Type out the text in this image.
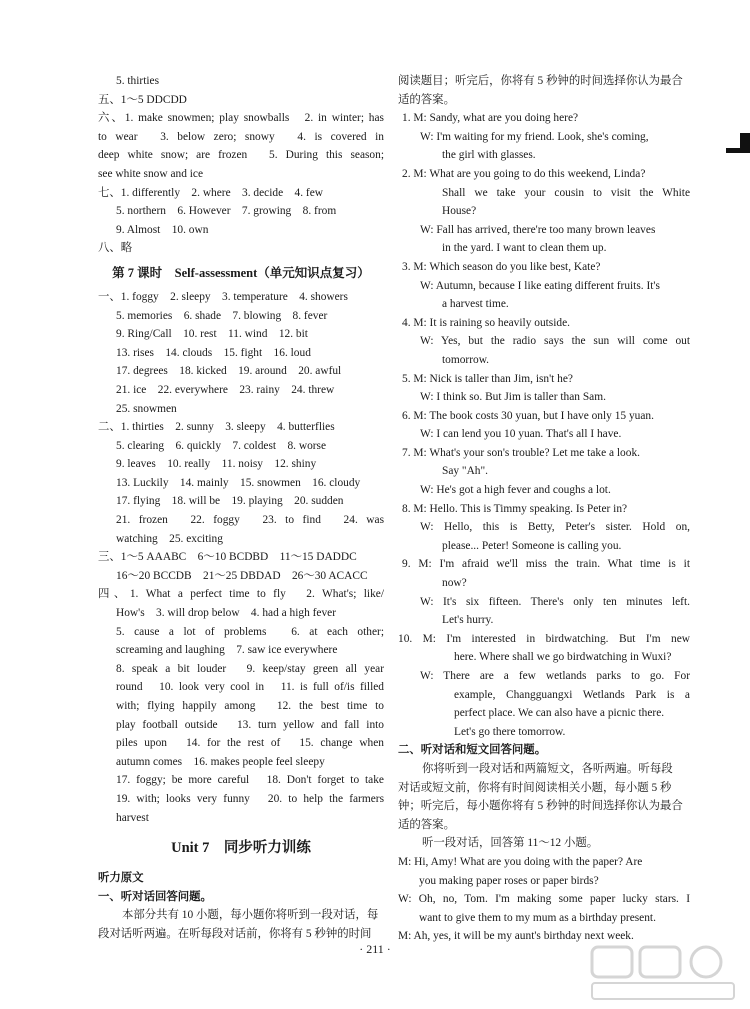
5. thirties
五、1～5 DDCDD
六、1. make snowmen; play snowballs　2. in winter; has
to wear　3. below zero; snowy　4. is covered in
deep white snow; are frozen　5. During this season;
see white snow and ice
七、1. differently　2. where　3. decide　4. few
5. northern　6. However　7. growing　8. from
9. Almost　10. own
八、略
第 7 课时　Self-assessment（单元知识点复习）
一、1. foggy　2. sleepy　3. temperature　4. showers
5. memories　6. shade　7. blowing　8. fever
9. Ring/Call　10. rest　11. wind　12. bit
13. rises　14. clouds　15. fight　16. loud
17. degrees　18. kicked　19. around　20. awful
21. ice　22. everywhere　23. rainy　24. threw
25. snowmen
二、1. thirties　2. sunny　3. sleepy　4. butterflies
5. clearing　6. quickly　7. coldest　8. worse
9. leaves　10. really　11. noisy　12. shiny
13. Luckily　14. mainly　15. snowmen　16. cloudy
17. flying　18. will be　19. playing　20. sudden
21. frozen　22. foggy　23. to find　24. was
watching　25. exciting
三、1～5 AAABC　6～10 BCDBD　11～15 DADDC
16～20 BCCDB　21～25 DBDAD　26～30 ACACC
四、1. What a perfect time to fly　2. What's; like/
How's　3. will drop below　4. had a high fever
5. cause a lot of problems　6. at each other;
screaming and laughing　7. saw ice everywhere
8. speak a bit louder　9. keep/stay green all year
round　10. look very cool in　11. is full of/is filled
with; flying happily among　12. the best time to
play football outside　13. turn yellow and fall into
piles upon　14. for the rest of　15. change when
autumn comes　16. makes people feel sleepy
17. foggy; be more careful　18. Don't forget to take
19. with; looks very funny　20. to help the farmers
harvest
Unit 7　同步听力训练
听力原文
一、听对话回答问题。
本部分共有 10 小题，每小题你将听到一段对话，每
段对话听两遍。在听每段对话前，你将有 5 秒钟的时间
阅读题目；听完后，你将有 5 秒钟的时间选择你认为最合
适的答案。
1. M: Sandy, what are you doing here?
W: I'm waiting for my friend. Look, she's coming,
the girl with glasses.
2. M: What are you going to do this weekend, Linda?
Shall we take your cousin to visit the White
House?
W: Fall has arrived, there're too many brown leaves
in the yard. I want to clean them up.
3. M: Which season do you like best, Kate?
W: Autumn, because I like eating different fruits. It's
a harvest time.
4. M: It is raining so heavily outside.
W: Yes, but the radio says the sun will come out
tomorrow.
5. M: Nick is taller than Jim, isn't he?
W: I think so. But Jim is taller than Sam.
6. M: The book costs 30 yuan, but I have only 15 yuan.
W: I can lend you 10 yuan. That's all I have.
7. M: What's your son's trouble? Let me take a look.
Say "Ah".
W: He's got a high fever and coughs a lot.
8. M: Hello. This is Timmy speaking. Is Peter in?
W: Hello, this is Betty, Peter's sister. Hold on,
please... Peter! Someone is calling you.
9. M: I'm afraid we'll miss the train. What time is it
now?
W: It's six fifteen. There's only ten minutes left.
Let's hurry.
10. M: I'm interested in birdwatching. But I'm new
here. Where shall we go birdwatching in Wuxi?
W: There are a few wetlands parks to go. For
example, Changguangxi Wetlands Park is a
perfect place. We can also have a picnic there.
Let's go there tomorrow.
二、听对话和短文回答问题。
你将听到一段对话和两篇短文，各听两遍。听每段
对话或短文前，你将有时间阅读相关小题，每小题 5 秒
钟；听完后，每小题你将有 5 秒钟的时间选择你认为最合
适的答案。
听一段对话，回答第 11～12 小题。
M: Hi, Amy! What are you doing with the paper? Are
you making paper roses or paper birds?
W: Oh, no, Tom. I'm making some paper lucky stars. I
want to give them to my mum as a birthday present.
M: Ah, yes, it will be my aunt's birthday next week.
· 211 ·
